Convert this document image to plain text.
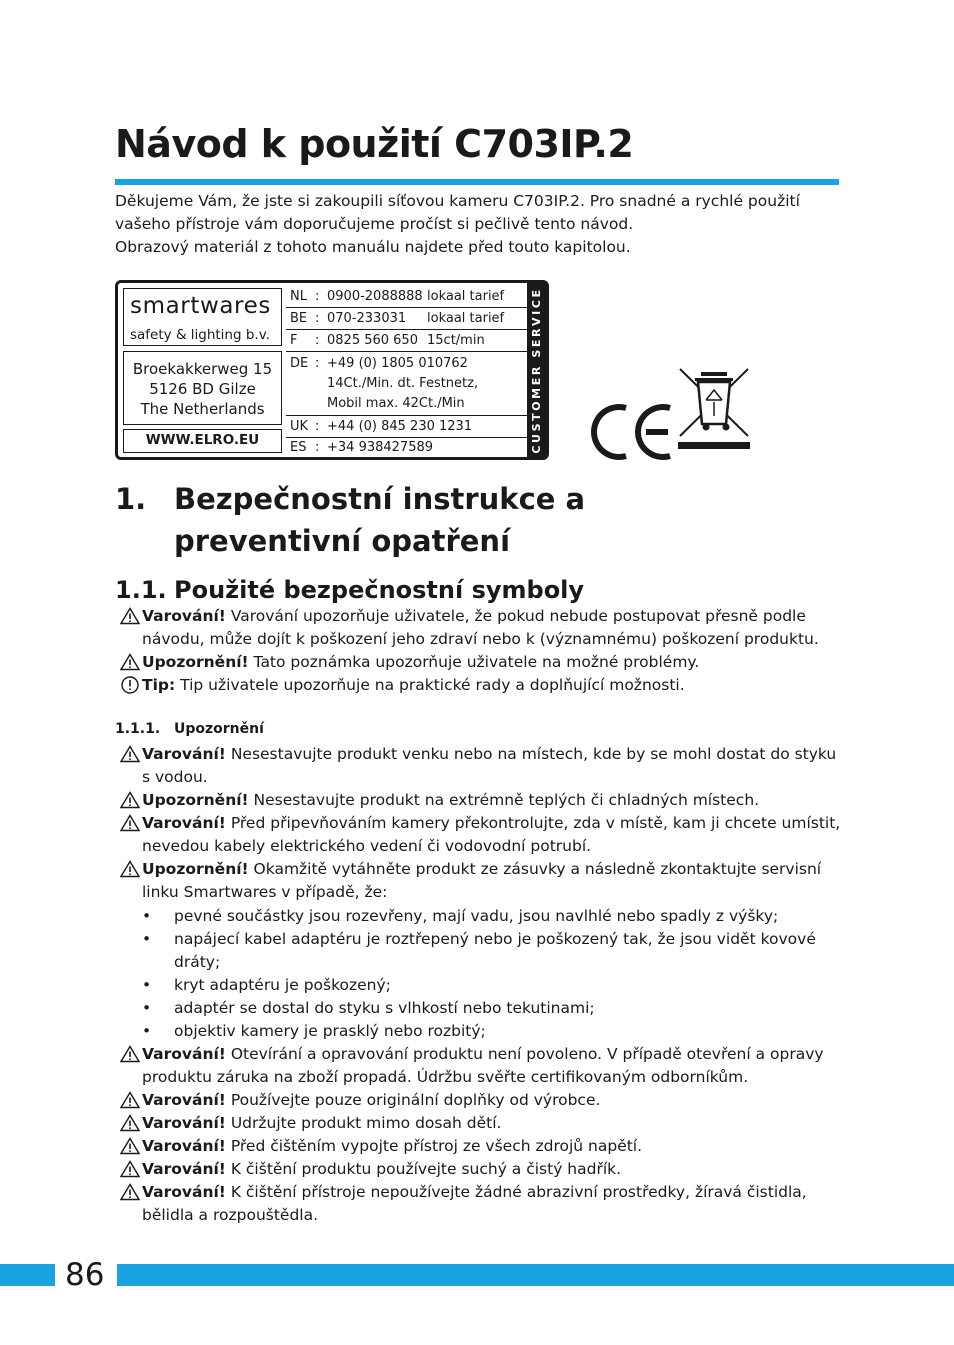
Návod k použití C703IP.2

Děkujeme Vám, že jste si zakoupili síťovou kameru C703IP.2. Pro snadné a rychlé použití vašeho přístroje vám doporučujeme pročíst si pečlivě tento návod.

Obrazový materiál z tohoto manuálu najdete před touto kapitolou.

smartwares
safety & lighting b.v.
Broekakkerweg 15
5126 BD Gilze
The Netherlands
WWW.ELRO.EU
NL : 0900-2088888 lokaal tarief
BE : 070-233031	lokaal tarief
F	: 0825 560 650 15ct/min
DE : +49 (0) 1805 010762
14Ct./Min. dt. Festnetz,
Mobil max. 42Ct./Min
UK : +44 (0) 845 230 1231
ES : +34 938427589	CUSTOMER SERVICE
1. Bezpečnostní instrukce a preventivní opatření
1.1. Použité bezpečnostní symboly
Varování! Varování upozorňuje uživatele, že pokud nebude postupovat přesně podle návodu, může dojít k poškození jeho zdraví nebo k (významnému) poškození produktu.
Upozornění! Tato poznámka upozorňuje uživatele na možné problémy.
Tip: Tip uživatele upozorňuje na praktické rady a doplňující možnosti.
1.1.1. Upozornění
Varování! Nesestavujte produkt venku nebo na místech, kde by se mohl dostat do styku s vodou.
Upozornění! Nesestavujte produkt na extrémně teplých či chladných místech.
Varování! Před připevňováním kamery překontrolujte, zda v místě, kam ji chcete umístit, nevedou kabely elektrického vedení či vodovodní potrubí.
Upozornění! Okamžitě vytáhněte produkt ze zásuvky a následně zkontaktujte servisní linku Smartwares v případě, že:
• pevné součástky jsou rozevřeny, mají vadu, jsou navlhlé nebo spadly z výšky;
• napájecí kabel adaptéru je roztřepený nebo je poškozený tak, že jsou vidět kovové dráty;
• kryt adaptéru je poškozený;
• adaptér se dostal do styku s vlhkostí nebo tekutinami;
• objektiv kamery je prasklý nebo rozbitý;
Varování! Otevírání a opravování produktu není povoleno. V případě otevření a opravy produktu záruka na zboží propadá. Údržbu svěřte certifikovaným odborníkům.
Varování! Používejte pouze originální doplňky od výrobce.
Varování! Udržujte produkt mimo dosah dětí.
Varování! Před čištěním vypojte přístroj ze všech zdrojů napětí.
Varování! K čištění produktu používejte suchý a čistý hadřík.
Varování! K čištění přístroje nepoužívejte žádné abrazivní prostředky, žíravá čistidla, bělidla a rozpouštědla.
86
